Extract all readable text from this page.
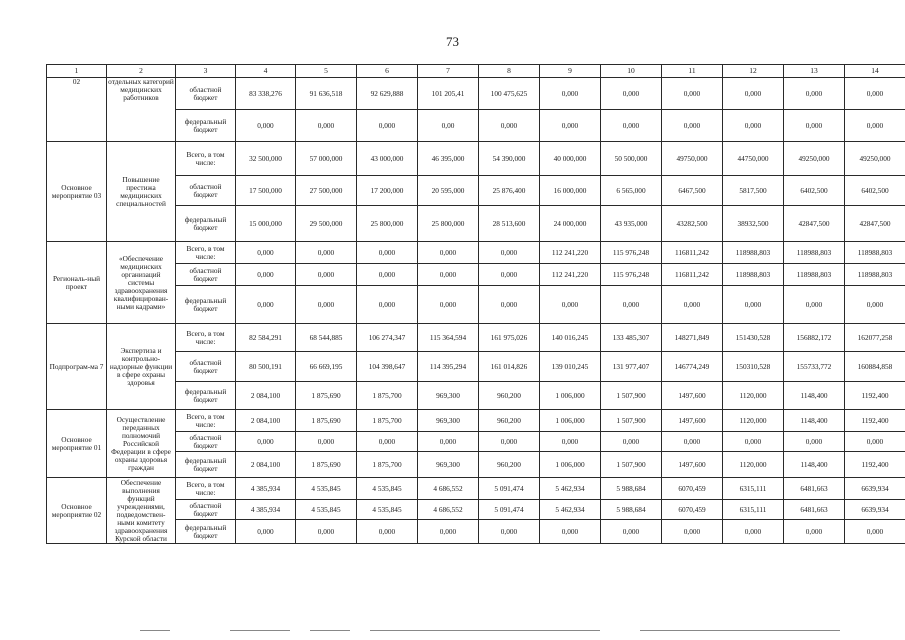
73
1	2	3	4	5	6	7	8	9	10	11	12	13	14
02	отдельных категорий медицинских работников	областной бюджет	83 338,276	91 636,518	92 629,888	101 205,41	100 475,625	0,000	0,000	0,000	0,000	0,000	0,000
		федеральный бюджет	0,000	0,000	0,000	0,00	0,000	0,000	0,000	0,000	0,000	0,000	0,000
Основное мероприятие 03	Повышение престижа медицинских специальностей	Всего, в том числе:	32 500,000	57 000,000	43 000,000	46 395,000	54 390,000	40 000,000	50 500,000	49750,000	44750,000	49250,000	49250,000
		областной бюджет	17 500,000	27 500,000	17 200,000	20 595,000	25 876,400	16 000,000	6 565,000	6467,500	5817,500	6402,500	6402,500
		федеральный бюджет	15 000,000	29 500,000	25 800,000	25 800,000	28 513,600	24 000,000	43 935,000	43282,500	38932,500	42847,500	42847,500
Региональ-ный проект	«Обеспечение медицинских организаций системы здравоохранения квалифицирован-ными кадрами»	Всего, в том числе:	0,000	0,000	0,000	0,000	0,000	112 241,220	115 976,248	116811,242	118988,803	118988,803	118988,803
		областной бюджет	0,000	0,000	0,000	0,000	0,000	112 241,220	115 976,248	116811,242	118988,803	118988,803	118988,803
		федеральный бюджет	0,000	0,000	0,000	0,000	0,000	0,000	0,000	0,000	0,000	0,000	0,000
Подпрограм-ма 7	Экспертиза и контрольно-надзорные функции в сфере охраны здоровья	Всего, в том числе:	82 584,291	68 544,885	106 274,347	115 364,594	161 975,026	140 016,245	133 485,307	148271,849	151430,528	156882,172	162077,258
		областной бюджет	80 500,191	66 669,195	104 398,647	114 395,294	161 014,826	139 010,245	131 977,407	146774,249	150310,528	155733,772	160884,858
		федеральный бюджет	2 084,100	1 875,690	1 875,700	969,300	960,200	1 006,000	1 507,900	1497,600	1120,000	1148,400	1192,400
Основное мероприятие 01	Осуществление переданных полномочий Российской Федерации в сфере охраны здоровья граждан	Всего, в том числе:	2 084,100	1 875,690	1 875,700	969,300	960,200	1 006,000	1 507,900	1497,600	1120,000	1148,400	1192,400
		областной бюджет	0,000	0,000	0,000	0,000	0,000	0,000	0,000	0,000	0,000	0,000	0,000
		федеральный бюджет	2 084,100	1 875,690	1 875,700	969,300	960,200	1 006,000	1 507,900	1497,600	1120,000	1148,400	1192,400
Основное мероприятие 02	Обеспечение выполнения функций учреждениями, подведомствен-ными комитету здравоохранения Курской области	Всего, в том числе:	4 385,934	4 535,845	4 535,845	4 686,552	5 091,474	5 462,934	5 988,684	6070,459	6315,111	6481,663	6639,934
		областной бюджет	4 385,934	4 535,845	4 535,845	4 686,552	5 091,474	5 462,934	5 988,684	6070,459	6315,111	6481,663	6639,934
		федеральный бюджет	0,000	0,000	0,000	0,000	0,000	0,000	0,000	0,000	0,000	0,000	0,000
